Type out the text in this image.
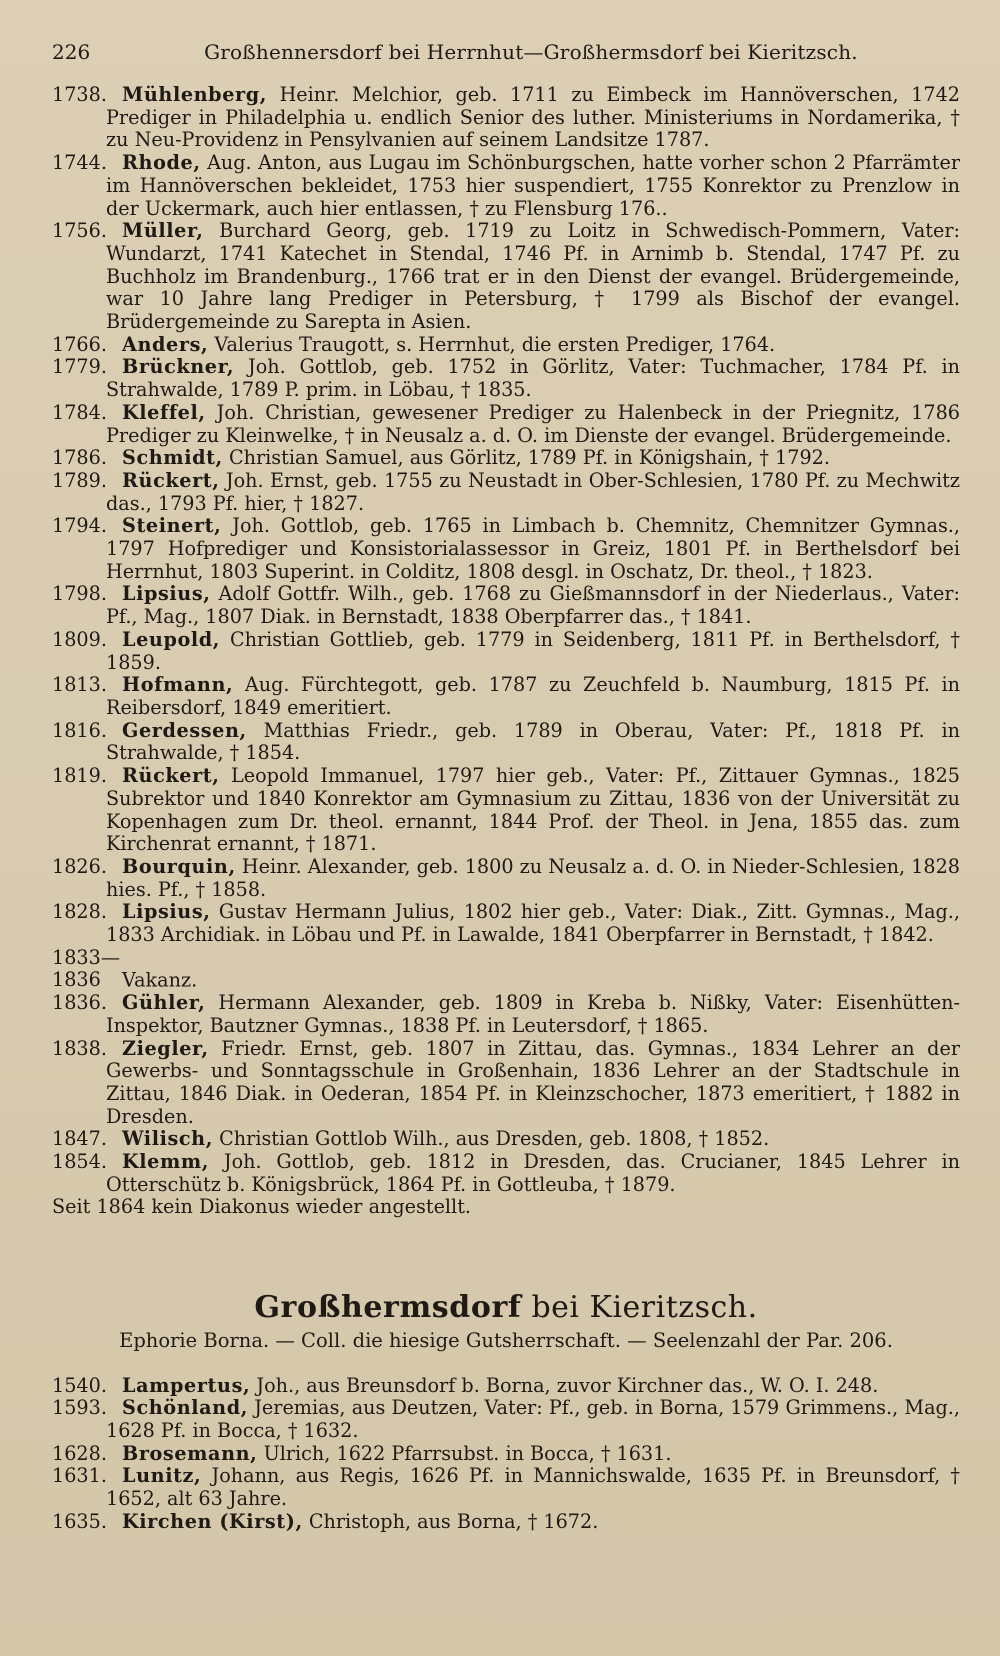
226	Großhennersdorf bei Herrnhut—Großhermsdorf bei Kieritzsch.
1738. Mühlenberg, Heinr. Melchior, geb. 1711 zu Eimbeck im Hannöverschen, 1742 Prediger in Philadelphia u. endlich Senior des luther. Ministeriums in Nordamerika, † zu Neu-Providenz in Pensylvanien auf seinem Landsitze 1787.
1744. Rhode, Aug. Anton, aus Lugau im Schönburgschen, hatte vorher schon 2 Pfarrämter im Hannöverschen bekleidet, 1753 hier suspendiert, 1755 Konrektor zu Prenzlow in der Uckermark, auch hier entlassen, † zu Flensburg 176..
1756. Müller, Burchard Georg, geb. 1719 zu Loitz in Schwedisch-Pommern, Vater: Wundarzt, 1741 Katechet in Stendal, 1746 Pf. in Arnimb b. Stendal, 1747 Pf. zu Buchholz im Brandenburg., 1766 trat er in den Dienst der evangel. Brüdergemeinde, war 10 Jahre lang Prediger in Petersburg, † 1799 als Bischof der evangel. Brüdergemeinde zu Sarepta in Asien.
1766. Anders, Valerius Traugott, s. Herrnhut, die ersten Prediger, 1764.
1779. Brückner, Joh. Gottlob, geb. 1752 in Görlitz, Vater: Tuchmacher, 1784 Pf. in Strahwalde, 1789 P. prim. in Löbau, † 1835.
1784. Kleffel, Joh. Christian, gewesener Prediger zu Halenbeck in der Priegnitz, 1786 Prediger zu Kleinwelke, † in Neusalz a. d. O. im Dienste der evangel. Brüdergemeinde.
1786. Schmidt, Christian Samuel, aus Görlitz, 1789 Pf. in Königshain, † 1792.
1789. Rückert, Joh. Ernst, geb. 1755 zu Neustadt in Ober-Schlesien, 1780 Pf. zu Mechwitz das., 1793 Pf. hier, † 1827.
1794. Steinert, Joh. Gottlob, geb. 1765 in Limbach b. Chemnitz, Chemnitzer Gymnas., 1797 Hofprediger und Konsistorialassessor in Greiz, 1801 Pf. in Berthelsdorf bei Herrnhut, 1803 Superint. in Colditz, 1808 desgl. in Oschatz, Dr. theol., † 1823.
1798. Lipsius, Adolf Gottfr. Wilh., geb. 1768 zu Gießmannsdorf in der Niederlaus., Vater: Pf., Mag., 1807 Diak. in Bernstadt, 1838 Oberpfarrer das., † 1841.
1809. Leupold, Christian Gottlieb, geb. 1779 in Seidenberg, 1811 Pf. in Berthelsdorf, † 1859.
1813. Hofmann, Aug. Fürchtegott, geb. 1787 zu Zeuchfeld b. Naumburg, 1815 Pf. in Reibersdorf, 1849 emeritiert.
1816. Gerdessen, Matthias Friedr., geb. 1789 in Oberau, Vater: Pf., 1818 Pf. in Strahwalde, † 1854.
1819. Rückert, Leopold Immanuel, 1797 hier geb., Vater: Pf., Zittauer Gymnas., 1825 Subrektor und 1840 Konrektor am Gymnasium zu Zittau, 1836 von der Universität zu Kopenhagen zum Dr. theol. ernannt, 1844 Prof. der Theol. in Jena, 1855 das. zum Kirchenrat ernannt, † 1871.
1826. Bourquin, Heinr. Alexander, geb. 1800 zu Neusalz a. d. O. in Nieder-Schlesien, 1828 hies. Pf., † 1858.
1828. Lipsius, Gustav Hermann Julius, 1802 hier geb., Vater: Diak., Zitt. Gymnas., Mag., 1833 Archidiak. in Löbau und Pf. in Lawalde, 1841 Oberpfarrer in Bernstadt, † 1842.
1833—1836 Vakanz.
1836. Gühler, Hermann Alexander, geb. 1809 in Kreba b. Nißky, Vater: Eisenhütten-Inspektor, Bautzner Gymnas., 1838 Pf. in Leutersdorf, † 1865.
1838. Ziegler, Friedr. Ernst, geb. 1807 in Zittau, das. Gymnas., 1834 Lehrer an der Gewerbs- und Sonntagsschule in Großenhain, 1836 Lehrer an der Stadtschule in Zittau, 1846 Diak. in Oederan, 1854 Pf. in Kleinzschocher, 1873 emeritiert, † 1882 in Dresden.
1847. Wilisch, Christian Gottlob Wilh., aus Dresden, geb. 1808, † 1852.
1854. Klemm, Joh. Gottlob, geb. 1812 in Dresden, das. Crucianer, 1845 Lehrer in Otterschütz b. Königsbrück, 1864 Pf. in Gottleuba, † 1879.
Seit 1864 kein Diakonus wieder angestellt.
Großhermsdorf bei Kieritzsch.
Ephorie Borna. — Coll. die hiesige Gutsherrschaft. — Seelenzahl der Par. 206.
1540. Lampertus, Joh., aus Breunsdorf b. Borna, zuvor Kirchner das., W. O. I. 248.
1593. Schönland, Jeremias, aus Deutzen, Vater: Pf., geb. in Borna, 1579 Grimmens., Mag., 1628 Pf. in Bocca, † 1632.
1628. Brosemann, Ulrich, 1622 Pfarrsubst. in Bocca, † 1631.
1631. Lunitz, Johann, aus Regis, 1626 Pf. in Mannichswalde, 1635 Pf. in Breunsdorf, † 1652, alt 63 Jahre.
1635. Kirchen (Kirst), Christoph, aus Borna, † 1672.
